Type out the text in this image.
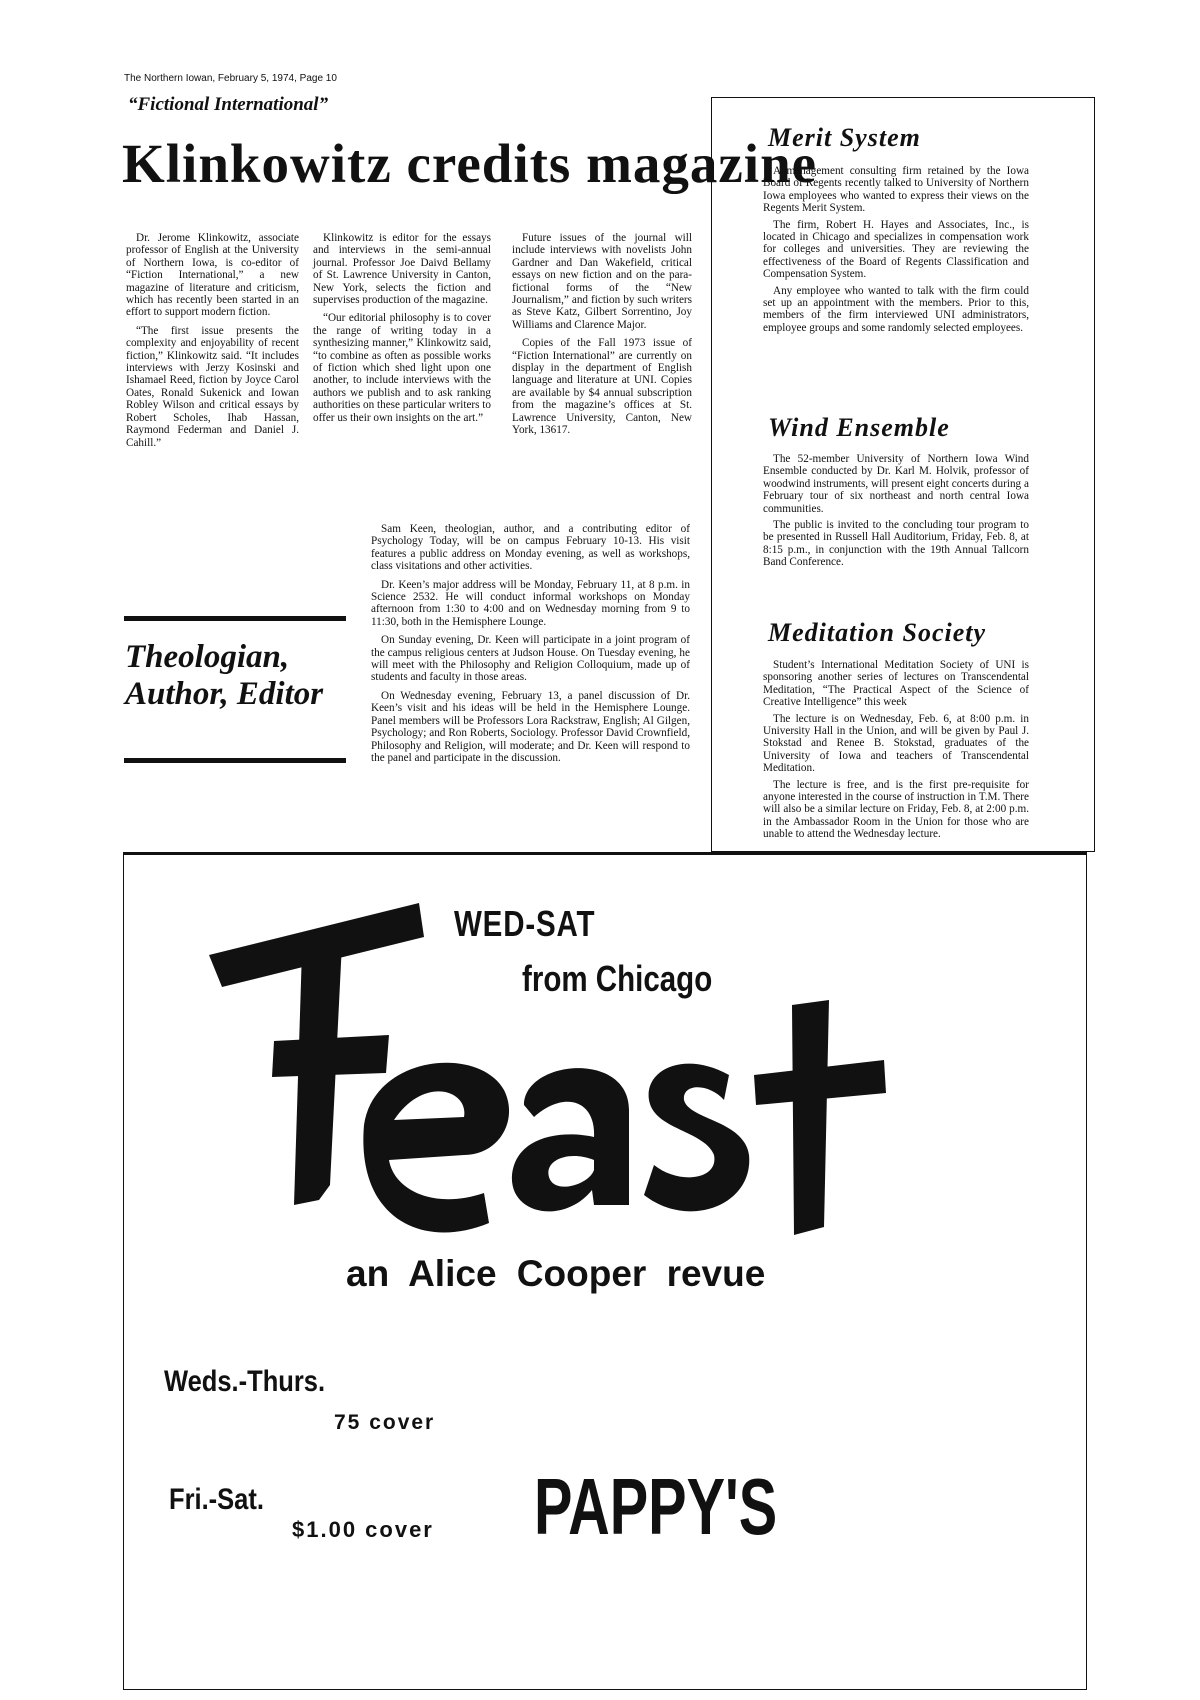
The Northern Iowan, February 5, 1974, Page 10
“Fictional International”
Klinkowitz credits magazine

Dr. Jerome Klinkowitz, associate professor of English at the University of Northern Iowa, is co-editor of “Fiction International,” a new magazine of literature and criticism, which has recently been started in an effort to support modern fiction.

“The first issue presents the complexity and enjoyability of recent fiction,” Klinkowitz said. “It includes interviews with Jerzy Kosinski and Ishamael Reed, fiction by Joyce Carol Oates, Ronald Sukenick and Iowan Robley Wilson and critical essays by Robert Scholes, Ihab Hassan, Raymond Federman and Daniel J. Cahill.”

Klinkowitz is editor for the essays and interviews in the semi-annual journal. Professor Joe Daivd Bellamy of St. Lawrence University in Canton, New York, selects the fiction and supervises production of the magazine.

“Our editorial philosophy is to cover the range of writing today in a synthesizing manner,” Klinkowitz said, “to combine as often as possible works of fiction which shed light upon one another, to include interviews with the authors we publish and to ask ranking authorities on these particular writers to offer us their own insights on the art.”

Future issues of the journal will include interviews with novelists John Gardner and Dan Wakefield, critical essays on new fiction and on the para-fictional forms of the “New Journalism,” and fiction by such writers as Steve Katz, Gilbert Sorrentino, Joy Williams and Clarence Major.

Copies of the Fall 1973 issue of “Fiction International” are currently on display in the department of English language and literature at UNI. Copies are available by $4 annual subscription from the magazine’s offices at St. Lawrence University, Canton, New York, 13617.

Theologian,
Author, Editor

Sam Keen, theologian, author, and a contributing editor of Psychology Today, will be on campus February 10-13. His visit features a public address on Monday evening, as well as workshops, class visitations and other activities.

Dr. Keen’s major address will be Monday, February 11, at 8 p.m. in Science 2532. He will conduct informal workshops on Monday afternoon from 1:30 to 4:00 and on Wednesday morning from 9 to 11:30, both in the Hemisphere Lounge.

On Sunday evening, Dr. Keen will participate in a joint program of the campus religious centers at Judson House. On Tuesday evening, he will meet with the Philosophy and Religion Colloquium, made up of students and faculty in those areas.

On Wednesday evening, February 13, a panel discussion of Dr. Keen’s visit and his ideas will be held in the Hemisphere Lounge. Panel members will be Professors Lora Rackstraw, English; Al Gilgen, Psychology; and Ron Roberts, Sociology. Professor David Crownfield, Philosophy and Religion, will moderate; and Dr. Keen will respond to the panel and participate in the discussion.

Merit System

A management consulting firm retained by the Iowa Board of Regents recently talked to University of Northern Iowa employees who wanted to express their views on the Regents Merit System.

The firm, Robert H. Hayes and Associates, Inc., is located in Chicago and specializes in compensation work for colleges and universities. They are reviewing the effectiveness of the Board of Regents Classification and Compensation System.

Any employee who wanted to talk with the firm could set up an appointment with the members. Prior to this, members of the firm interviewed UNI administrators, employee groups and some randomly selected employees.

Wind Ensemble

The 52-member University of Northern Iowa Wind Ensemble conducted by Dr. Karl M. Holvik, professor of woodwind instruments, will present eight concerts during a February tour of six northeast and north central Iowa communities.

The public is invited to the concluding tour program to be presented in Russell Hall Auditorium, Friday, Feb. 8, at 8:15 p.m., in conjunction with the 19th Annual Tallcorn Band Conference.

Meditation Society

Student’s International Meditation Society of UNI is sponsoring another series of lectures on Transcendental Meditation, “The Practical Aspect of the Science of Creative Intelligence” this week

The lecture is on Wednesday, Feb. 6, at 8:00 p.m. in University Hall in the Union, and will be given by Paul J. Stokstad and Renee B. Stokstad, graduates of the University of Iowa and teachers of Transcendental Meditation.

The lecture is free, and is the first pre-requisite for anyone interested in the course of instruction in T.M. There will also be a similar lecture on Friday, Feb. 8, at 2:00 p.m. in the Ambassador Room in the Union for those who are unable to attend the Wednesday lecture.

WED-SAT
from Chicago
an Alice Cooper revue
Weds.-Thurs.
75 cover
Fri.-Sat.
$1.00 cover PAPPY'S
